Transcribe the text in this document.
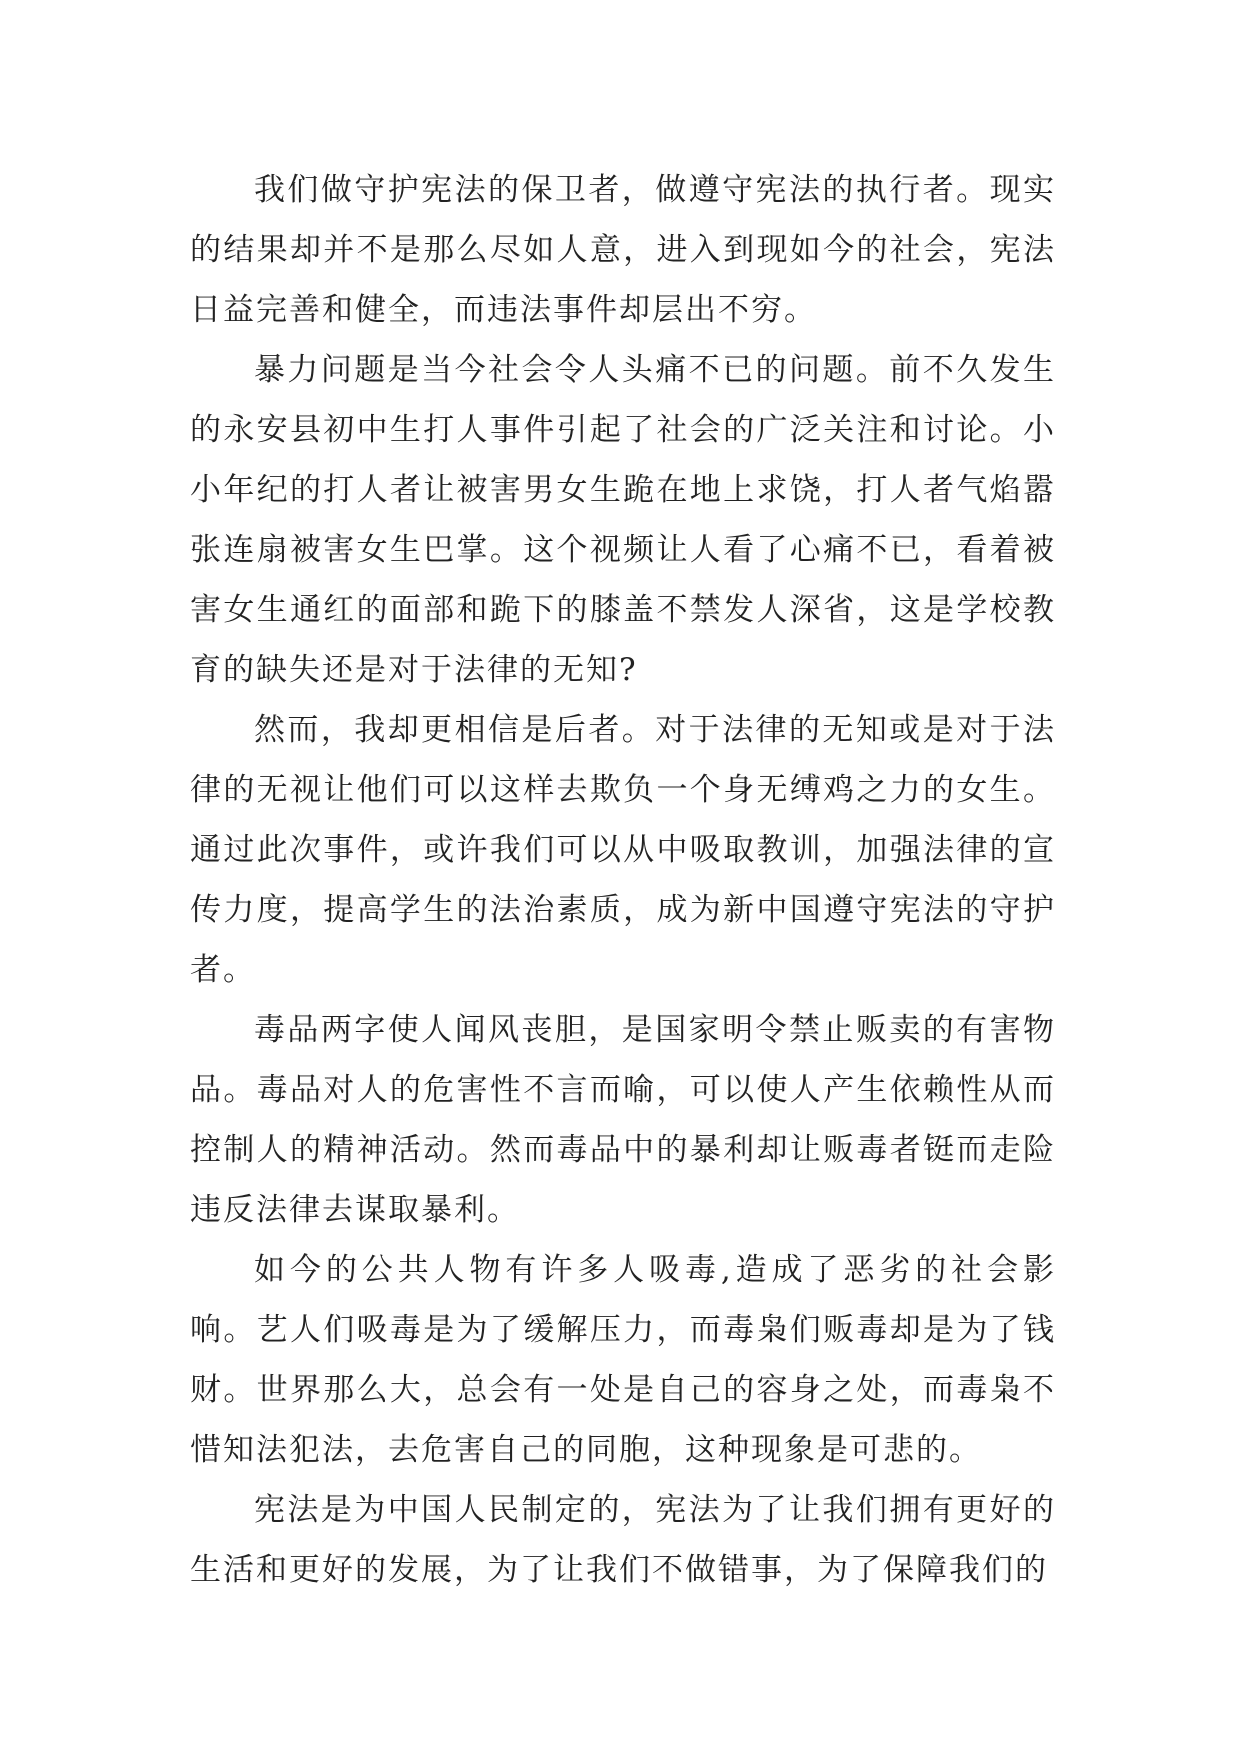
我们做守护宪法的保卫者，做遵守宪法的执行者。现实的结果却并不是那么尽如人意，进入到现如今的社会，宪法日益完善和健全，而违法事件却层出不穷。

暴力问题是当今社会令人头痛不已的问题。前不久发生的永安县初中生打人事件引起了社会的广泛关注和讨论。小小年纪的打人者让被害男女生跪在地上求饶，打人者气焰嚣张连扇被害女生巴掌。这个视频让人看了心痛不已，看着被害女生通红的面部和跪下的膝盖不禁发人深省，这是学校教育的缺失还是对于法律的无知?

然而，我却更相信是后者。对于法律的无知或是对于法律的无视让他们可以这样去欺负一个身无缚鸡之力的女生。通过此次事件，或许我们可以从中吸取教训，加强法律的宣传力度，提高学生的法治素质，成为新中国遵守宪法的守护者。

毒品两字使人闻风丧胆，是国家明令禁止贩卖的有害物品。毒品对人的危害性不言而喻，可以使人产生依赖性从而控制人的精神活动。然而毒品中的暴利却让贩毒者铤而走险违反法律去谋取暴利。

如今的公共人物有许多人吸毒,造成了恶劣的社会影响。艺人们吸毒是为了缓解压力，而毒枭们贩毒却是为了钱财。世界那么大，总会有一处是自己的容身之处，而毒枭不惜知法犯法，去危害自己的同胞，这种现象是可悲的。

宪法是为中国人民制定的，宪法为了让我们拥有更好的生活和更好的发展，为了让我们不做错事，为了保障我们的
